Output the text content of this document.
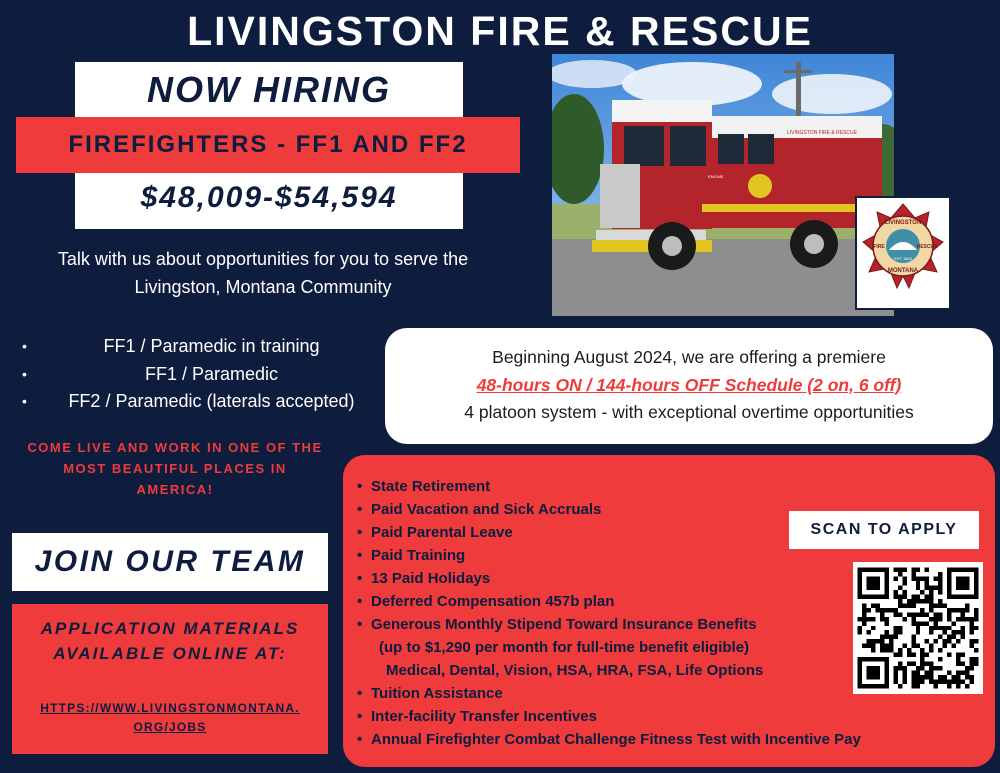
LIVINGSTON FIRE & RESCUE
NOW HIRING
FIREFIGHTERS - FF1 AND FF2
$48,009-$54,594
Talk with us about opportunities for you to serve the
Livingston, Montana Community
• FF1 / Paramedic in training
• FF1 / Paramedic
• FF2 / Paramedic (laterals accepted)
COME LIVE AND WORK IN ONE OF THE
MOST BEAUTIFUL PLACES IN
AMERICA!
JOIN OUR TEAM
APPLICATION MATERIALS
AVAILABLE ONLINE AT:
HTTPS://WWW.LIVINGSTONMONTANA.
ORG/JOBS
LIVINGSTON FIRE & RESCUE
ENGINE
LIVINGSTON
MONTANA
FIRE	RESCUE
EST 1883
Beginning August 2024, we are offering a premiere
48-hours ON / 144-hours OFF Schedule (2 on, 6 off)
4 platoon system - with exceptional overtime opportunities
• State Retirement
• Paid Vacation and Sick Accruals
• Paid Parental Leave
• Paid Training
• 13 Paid Holidays
• Deferred Compensation 457b plan
• Generous Monthly Stipend Toward Insurance Benefits
(up to $1,290 per month for full-time benefit eligible)
Medical, Dental, Vision, HSA, HRA, FSA, Life Options
• Tuition Assistance
• Inter-facility Transfer Incentives
• Annual Firefighter Combat Challenge Fitness Test with Incentive Pay
SCAN TO APPLY
